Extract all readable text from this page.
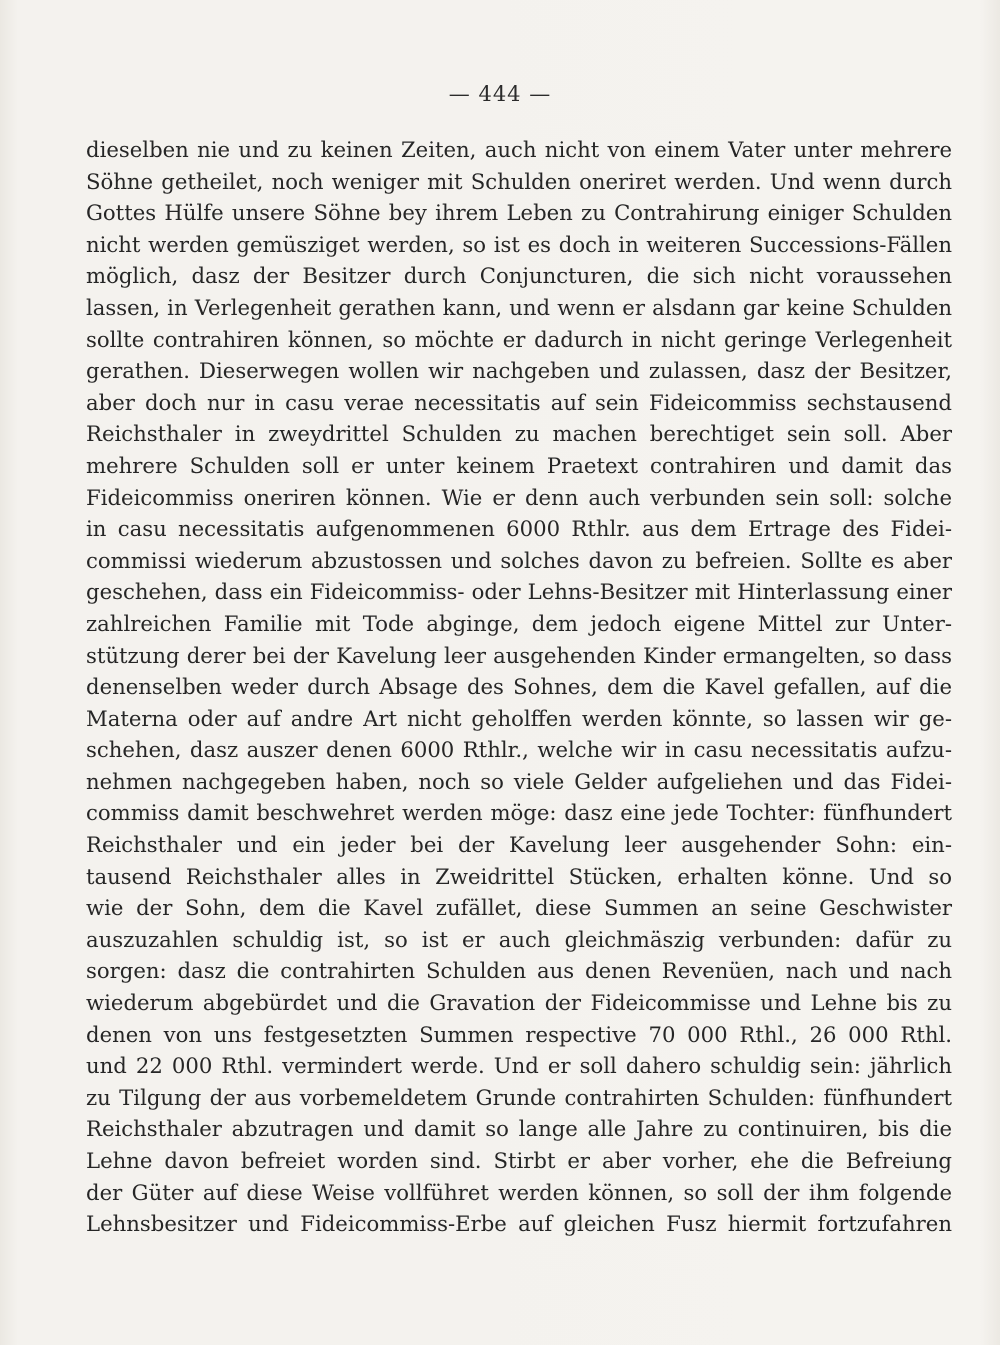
— 444 —
dieselben nie und zu keinen Zeiten, auch nicht von einem Vater unter mehrere
Söhne getheilet, noch weniger mit Schulden oneriret werden. Und wenn durch
Gottes Hülfe unsere Söhne bey ihrem Leben zu Contrahirung einiger Schulden
nicht werden gemüsziget werden, so ist es doch in weiteren Successions-Fällen
möglich, dasz der Besitzer durch Conjuncturen, die sich nicht voraussehen
lassen, in Verlegenheit gerathen kann, und wenn er alsdann gar keine Schulden
sollte contrahiren können, so möchte er dadurch in nicht geringe Verlegenheit
gerathen. Dieserwegen wollen wir nachgeben und zulassen, dasz der Besitzer,
aber doch nur in casu verae necessitatis auf sein Fideicommiss sechstausend
Reichsthaler in zweydrittel Schulden zu machen berechtiget sein soll. Aber
mehrere Schulden soll er unter keinem Praetext contrahiren und damit das
Fideicommiss oneriren können. Wie er denn auch verbunden sein soll: solche
in casu necessitatis aufgenommenen 6000 Rthlr. aus dem Ertrage des Fidei-
commissi wiederum abzustossen und solches davon zu befreien. Sollte es aber
geschehen, dass ein Fideicommiss- oder Lehns-Besitzer mit Hinterlassung einer
zahlreichen Familie mit Tode abginge, dem jedoch eigene Mittel zur Unter-
stützung derer bei der Kavelung leer ausgehenden Kinder ermangelten, so dass
denenselben weder durch Absage des Sohnes, dem die Kavel gefallen, auf die
Materna oder auf andre Art nicht geholffen werden könnte, so lassen wir ge-
schehen, dasz auszer denen 6000 Rthlr., welche wir in casu necessitatis aufzu-
nehmen nachgegeben haben, noch so viele Gelder aufgeliehen und das Fidei-
commiss damit beschwehret werden möge: dasz eine jede Tochter: fünfhundert
Reichsthaler und ein jeder bei der Kavelung leer ausgehender Sohn: ein-
tausend Reichsthaler alles in Zweidrittel Stücken, erhalten könne. Und so
wie der Sohn, dem die Kavel zufället, diese Summen an seine Geschwister
auszuzahlen schuldig ist, so ist er auch gleichmäszig verbunden: dafür zu
sorgen: dasz die contrahirten Schulden aus denen Revenüen, nach und nach
wiederum abgebürdet und die Gravation der Fideicommisse und Lehne bis zu
denen von uns festgesetzten Summen respective 70 000 Rthl., 26 000 Rthl.
und 22 000 Rthl. vermindert werde. Und er soll dahero schuldig sein: jährlich
zu Tilgung der aus vorbemeldetem Grunde contrahirten Schulden: fünfhundert
Reichsthaler abzutragen und damit so lange alle Jahre zu continuiren, bis die
Lehne davon befreiet worden sind. Stirbt er aber vorher, ehe die Befreiung
der Güter auf diese Weise vollführet werden können, so soll der ihm folgende
Lehnsbesitzer und Fideicommiss-Erbe auf gleichen Fusz hiermit fortzufahren
